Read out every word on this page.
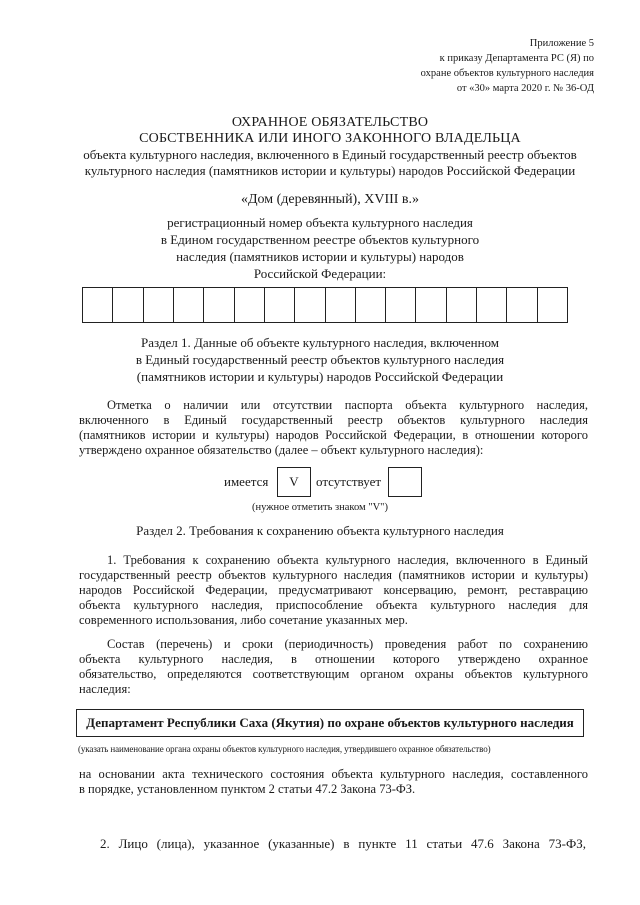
Приложение 5
к приказу Департамента РС (Я) по
охране объектов культурного наследия
от «30» марта 2020 г. № 36-ОД
ОХРАННОЕ ОБЯЗАТЕЛЬСТВО
СОБСТВЕННИКА ИЛИ ИНОГО ЗАКОННОГО ВЛАДЕЛЬЦА
объекта культурного наследия, включенного в Единый государственный реестр объектов
культурного наследия (памятников истории и культуры) народов Российской Федерации
«Дом (деревянный), XVIII в.»
регистрационный номер объекта культурного наследия
в Едином государственном реестре объектов культурного
наследия (памятников истории и культуры) народов
Российской Федерации:
Раздел 1. Данные об объекте культурного наследия, включенном
в Единый государственный реестр объектов культурного наследия
(памятников истории и культуры) народов Российской Федерации
Отметка о наличии или отсутствии паспорта объекта культурного наследия,
включенного в Единый государственный реестр объектов культурного наследия
(памятников истории и культуры) народов Российской Федерации, в отношении которого
утверждено охранное обязательство (далее – объект культурного наследия):
имеется	V	отсутствует
(нужное отметить знаком "V")
Раздел 2. Требования к сохранению объекта культурного наследия
1. Требования к сохранению объекта культурного наследия, включенного в Единый
государственный реестр объектов культурного наследия (памятников истории и культуры)
народов Российской Федерации, предусматривают консервацию, ремонт, реставрацию
объекта культурного наследия, приспособление объекта культурного наследия для
современного использования, либо сочетание указанных мер.
Состав (перечень) и сроки (периодичность) проведения работ по сохранению
объекта культурного наследия, в отношении которого утверждено охранное
обязательство, определяются соответствующим органом охраны объектов культурного
наследия:
Департамент Республики Саха (Якутия) по охране объектов культурного наследия
(указать наименование органа охраны объектов культурного наследия, утвердившего охранное обязательство)
на основании акта технического состояния объекта культурного наследия, составленного
в порядке, установленном пунктом 2 статьи 47.2 Закона 73-ФЗ.
2. Лицо (лица), указанное (указанные) в пункте 11 статьи 47.6 Закона 73-ФЗ,
